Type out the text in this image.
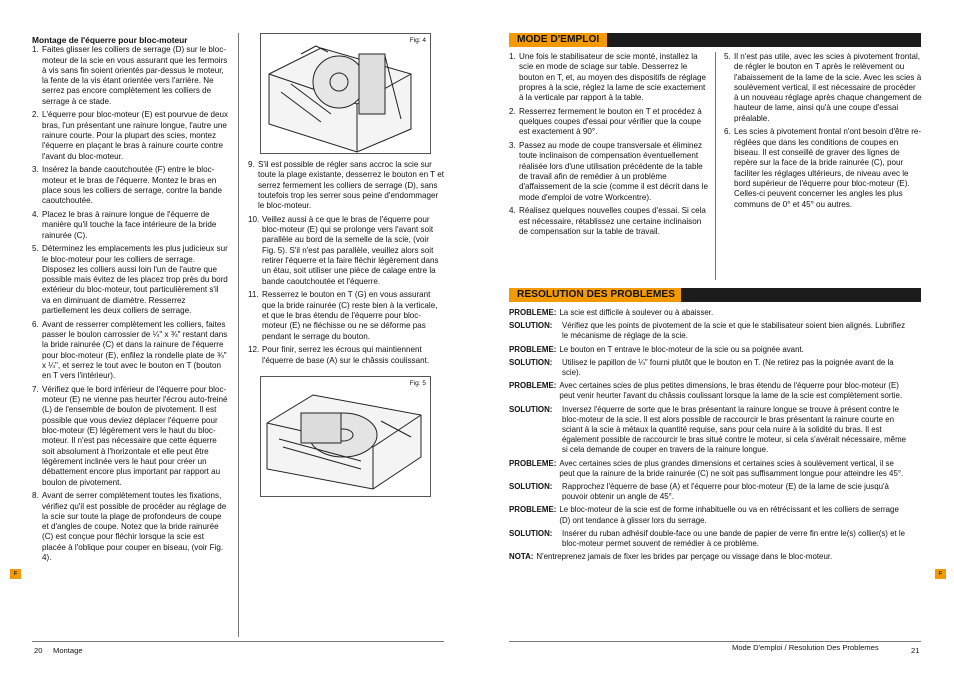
Montage de l'équerre pour bloc-moteur

1. Faites glisser les colliers de serrage (D) sur le bloc-moteur de la scie en vous assurant que les fermoirs à vis sans fin soient orientés par-dessus le moteur, la fente de la vis étant orientée vers l'arrière. Ne serrez pas encore complètement les colliers de serrage à ce stade.
2. L'équerre pour bloc-moteur (E) est pourvue de deux bras, l'un présentant une rainure longue, l'autre une rainure courte. Pour la plupart des scies, montez l'équerre en plaçant le bras à rainure courte contre l'avant du bloc-moteur.
3. Insérez la bande caoutchoutée (F) entre le bloc-moteur et le bras de l'équerre. Montez le bras en place sous les colliers de serrage, contre la bande caoutchoutée.
4. Placez le bras à rainure longue de l'équerre de manière qu'il touche la face intérieure de la bride rainurée (C).
5. Déterminez les emplacements les plus judicieux sur le bloc-moteur pour les colliers de serrage. Disposez les colliers aussi loin l'un de l'autre que possible mais évitez de les placez trop près du bord extérieur du bloc-moteur, tout particulièrement s'il va en diminuant de diamètre. Resserrez partiellement les deux colliers de serrage.
6. Avant de resserrer complètement les colliers, faites passer le boulon carrossier de ¼" x ¾" restant dans la bride rainurée (C) et dans la rainure de l'équerre pour bloc-moteur (E), enfilez la rondelle plate de ¾" x ¼", et serrez le tout avec le bouton en T (bouton en T vers l'intérieur).
7. Vérifiez que le bord inférieur de l'équerre pour bloc-moteur (E) ne vienne pas heurter l'écrou auto-freiné (L) de l'ensemble de boulon de pivotement. Il est possible que vous deviez déplacer l'équerre pour bloc-moteur (E) légèrement vers le haut du bloc-moteur. Il n'est pas nécessaire que cette équerre soit absolument à l'horizontale et elle peut être légèrement inclinée vers le haut pour créer un débattement encore plus important par rapport au boulon de pivotement.
8. Avant de serrer complètement toutes les fixations, vérifiez qu'il est possible de procéder au réglage de la scie sur toute la plage de profondeurs de coupe et d'angles de coupe. Notez que la bride rainurée (C) est conçue pour fléchir lorsque la scie est placée à l'oblique pour couper en biseau, (voir Fig. 4).
Fig: 4
9. S'il est possible de régler sans accroc la scie sur toute la plage existante, desserrez le bouton en T et serrez fermement les colliers de serrage (D), sans toutefois trop les serrer sous peine d'endommager le bloc-moteur.
10. Veillez aussi à ce que le bras de l'équerre pour bloc-moteur (E) qui se prolonge vers l'avant soit parallèle au bord de la semelle de la scie, (voir Fig. 5). S'il n'est pas parallèle, veuillez alors soit retirer l'équerre et la faire fléchir légèrement dans un étau, soit utiliser une pièce de calage entre la bande caoutchoutée et l'équerre.
11. Resserrez le bouton en T (G) en vous assurant que la bride rainurée (C) reste bien à la verticale, et que le bras étendu de l'équerre pour bloc-moteur (E) ne fléchisse ou ne se déforme pas pendant le serrage du bouton.
12. Pour finir, serrez les écrous qui maintiennent l'équerre de base (A) sur le châssis coulissant.
Fig: 5
F
20 Montage
MODE D'EMPLOI
1. Une fois le stabilisateur de scie monté, installez la scie en mode de sciage sur table. Desserrez le bouton en T, et, au moyen des dispositifs de réglage propres à la scie, réglez la lame de scie exactement à la verticale par rapport à la table.
2. Resserrez fermement le bouton en T et procédez à quelques coupes d'essai pour vérifier que la coupe est exactement à 90°.
3. Passez au mode de coupe transversale et éliminez toute inclinaison de compensation éventuellement réalisée lors d'une utilisation précédente de la table de travail afin de remédier à un problème d'affaissement de la scie (comme il est décrit dans le mode d'emploi de votre Workcentre).
4. Réalisez quelques nouvelles coupes d'essai. Si cela est nécessaire, rétablissez une certaine inclinaison de compensation sur la table de travail.
5. Il n'est pas utile, avec les scies à pivotement frontal, de régler le bouton en T après le relèvement ou l'abaissement de la lame de la scie. Avec les scies à soulèvement vertical, il est nécessaire de procéder à un nouveau réglage après chaque changement de hauteur de lame, ainsi qu'à une coupe d'essai préalable.
6. Les scies à pivotement frontal n'ont besoin d'être re-réglées que dans les conditions de coupes en biseau. Il est conseillé de graver des lignes de repère sur la face de la bride rainurée (C), pour faciliter les réglages ultérieurs, de niveau avec le bord supérieur de l'équerre pour bloc-moteur (E). Celles-ci peuvent concerner les angles les plus communs de 0° et 45° ou autres.
RESOLUTION DES PROBLEMES
PROBLEME: La scie est difficile à soulever ou à abaisser.
SOLUTION:	Vérifiez que les points de pivotement de la scie et que le stabilisateur soient bien alignés. Lubrifiez le mécanisme de réglage de la scie.
PROBLEME: Le bouton en T entrave le bloc-moteur de la scie ou sa poignée avant.
SOLUTION:	Utilisez le papillon de ¼" fourni plutôt que le bouton en T. (Ne retirez pas la poignée avant de la scie).
PROBLEME: Avec certaines scies de plus petites dimensions, le bras étendu de l'équerre pour bloc-moteur (E) peut venir heurter l'avant du châssis coulissant lorsque la lame de la scie est complètement sortie.
SOLUTION:	Inversez l'équerre de sorte que le bras présentant la rainure longue se trouve à présent contre le bloc-moteur de la scie. Il est alors possible de raccourcir le bras présentant la rainure courte en sciant à la scie à métaux la quantité requise, sans pour cela nuire à la solidité du bras. Il est également possible de raccourcir le bras situé contre le moteur, si cela s'avérait nécessaire, même si cela demande de couper en travers de la rainure longue.
PROBLEME: Avec certaines scies de plus grandes dimensions et certaines scies à soulèvement vertical, il se peut que la rainure de la bride rainurée (C) ne soit pas suffisamment longue pour atteindre les 45°.
SOLUTION:	Rapprochez l'équerre de base (A) et l'équerre pour bloc-moteur (E) de la lame de scie jusqu'à pouvoir obtenir un angle de 45°.
PROBLEME: Le bloc-moteur de la scie est de forme inhabituelle ou va en rétrécissant et les colliers de serrage (D) ont tendance à glisser lors du serrage.
SOLUTION:	Insérer du ruban adhésif double-face ou une bande de papier de verre fin entre le(s) collier(s) et le bloc-moteur permet souvent de remédier à ce problème.
NOTA: N'entreprenez jamais de fixer les brides par perçage ou vissage dans le bloc-moteur.
F
Mode D'emploi / Resolution Des Problemes	21
